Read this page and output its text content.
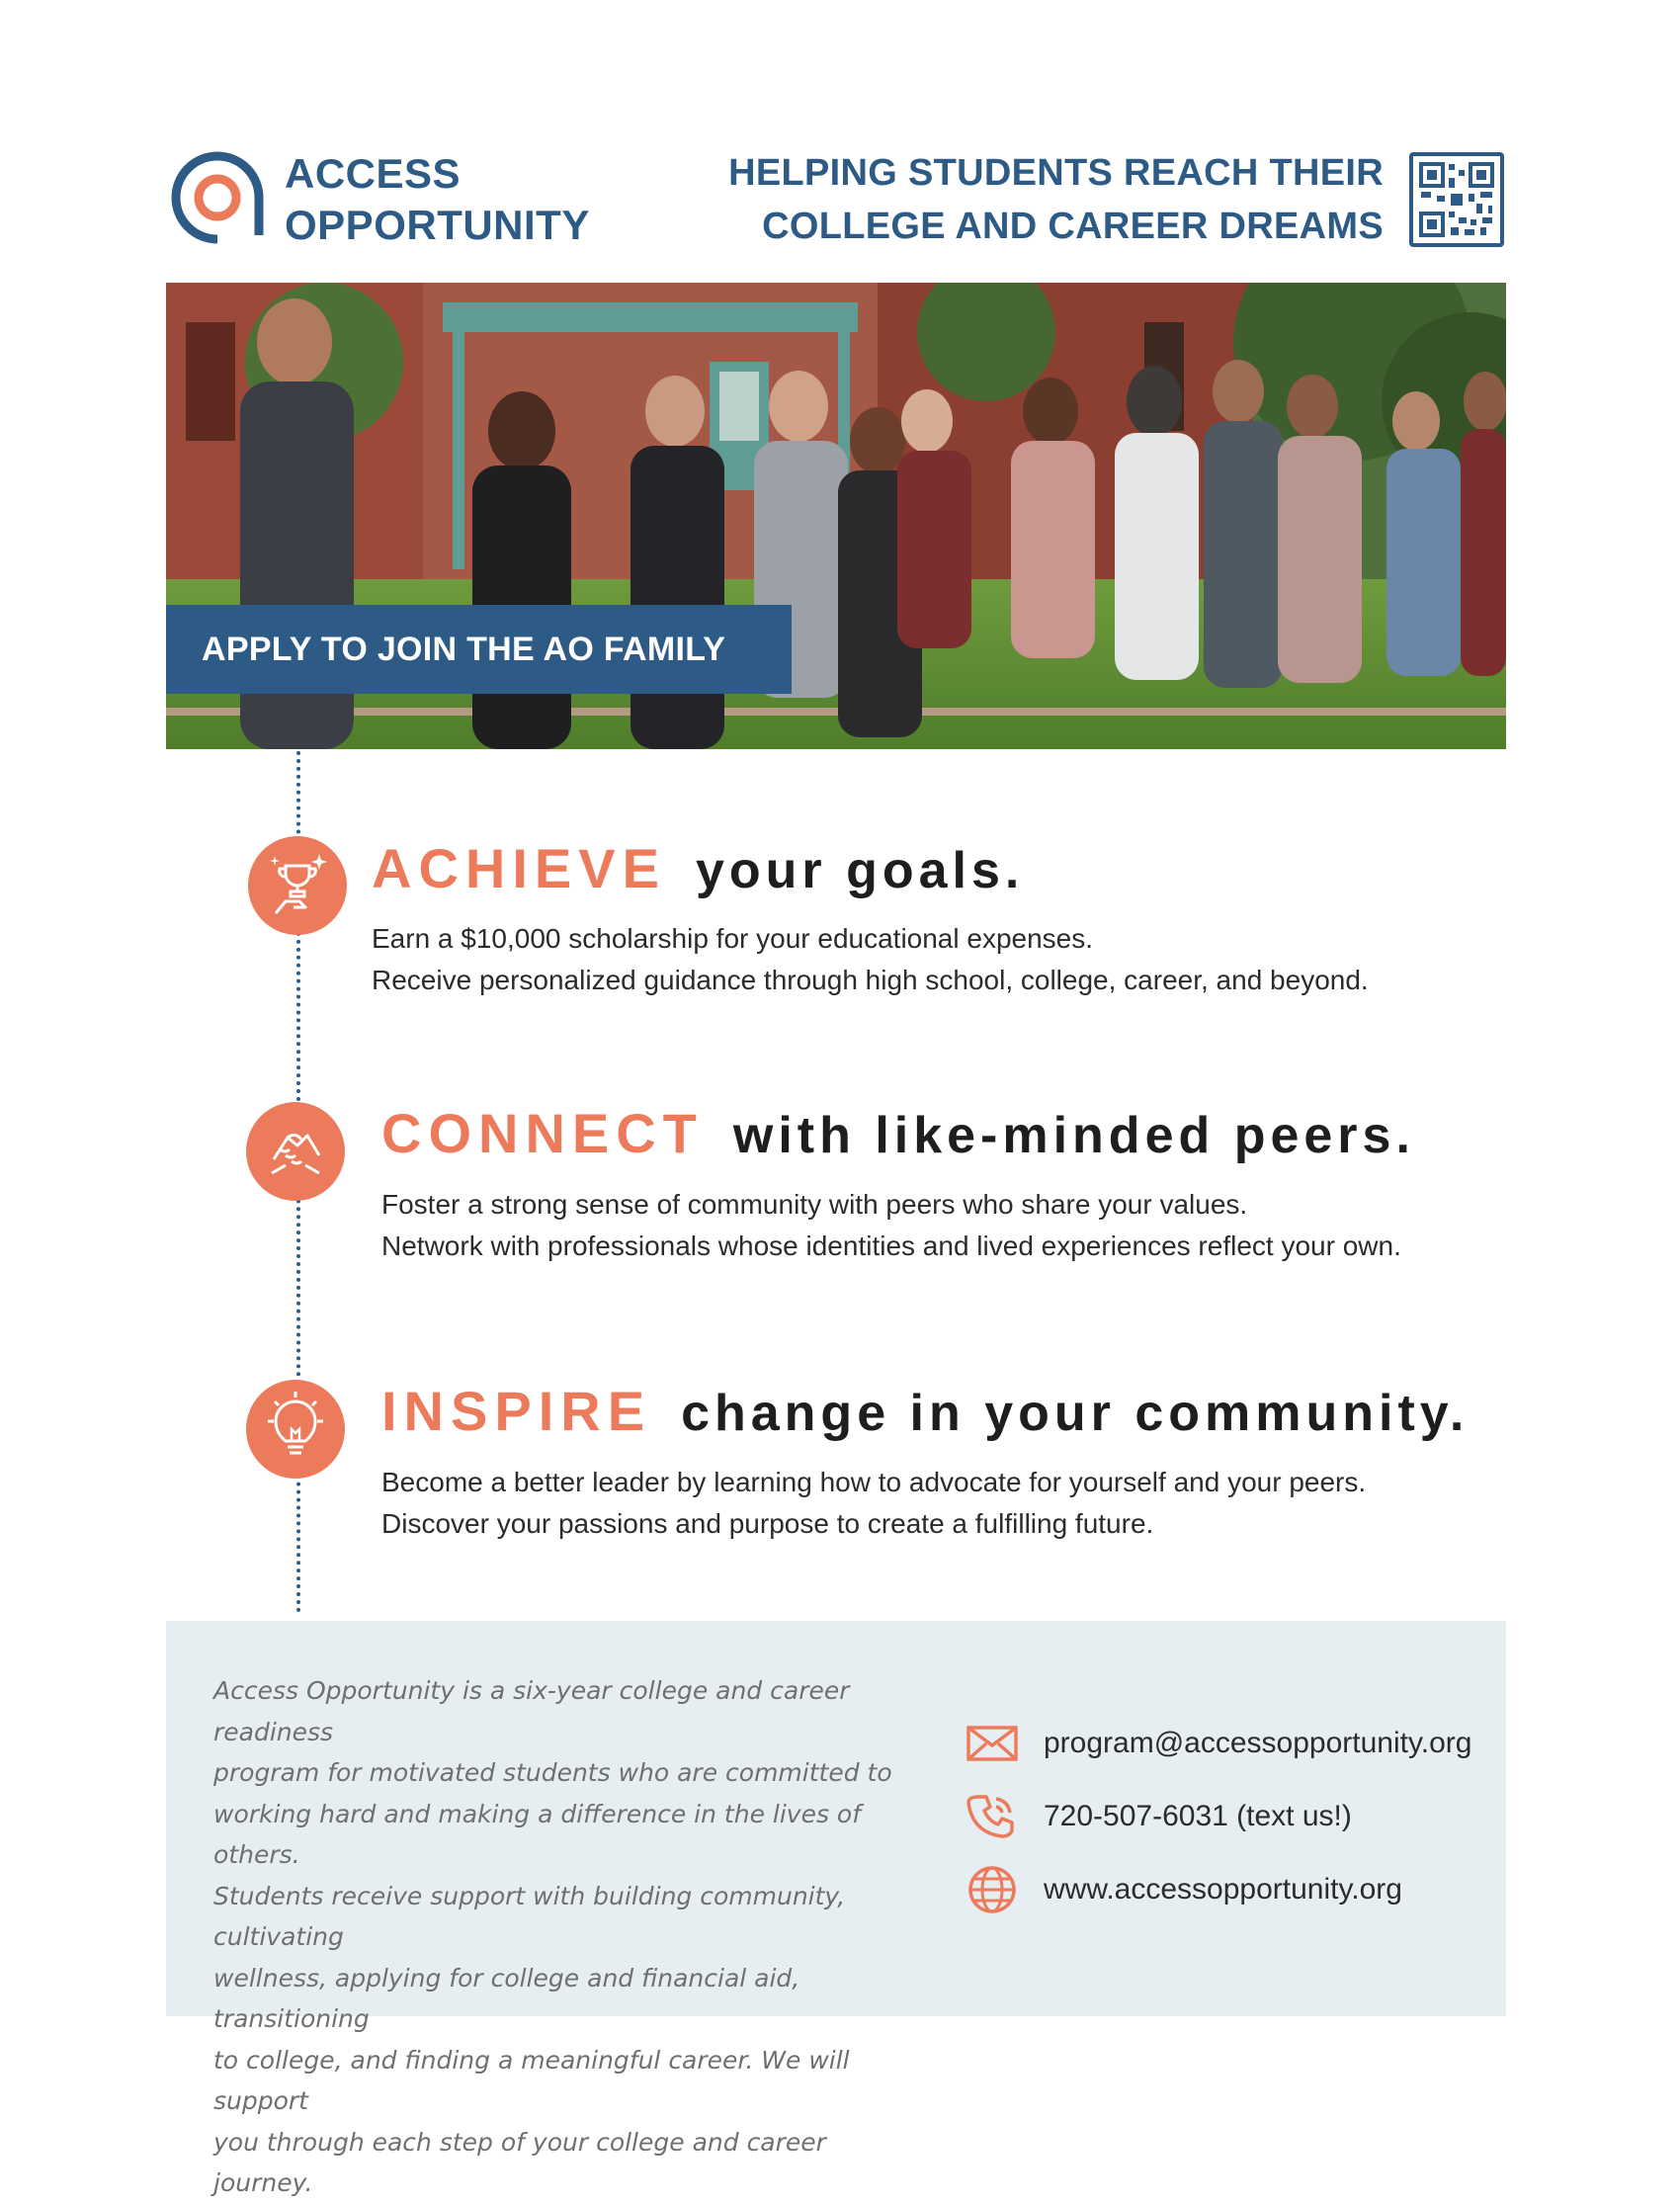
ACCESS
OPPORTUNITY
HELPING STUDENTS REACH THEIR
COLLEGE AND CAREER DREAMS
APPLY TO JOIN THE AO FAMILY
ACHIEVE your goals.
Earn a $10,000 scholarship for your educational expenses.
Receive personalized guidance through high school, college, career, and beyond.
CONNECT with like-minded peers.
Foster a strong sense of community with peers who share your values.
Network with professionals whose identities and lived experiences reflect your own.
INSPIRE change in your community.
Become a better leader by learning how to advocate for yourself and your peers.
Discover your passions and purpose to create a fulfilling future.
Access Opportunity is a six-year college and career readiness
program for motivated students who are committed to
working hard and making a difference in the lives of others.
Students receive support with building community, cultivating
wellness, applying for college and financial aid, transitioning
to college, and finding a meaningful career. We will support
you through each step of your college and career journey.
program@accessopportunity.org
720-507-6031 (text us!)
www.accessopportunity.org
